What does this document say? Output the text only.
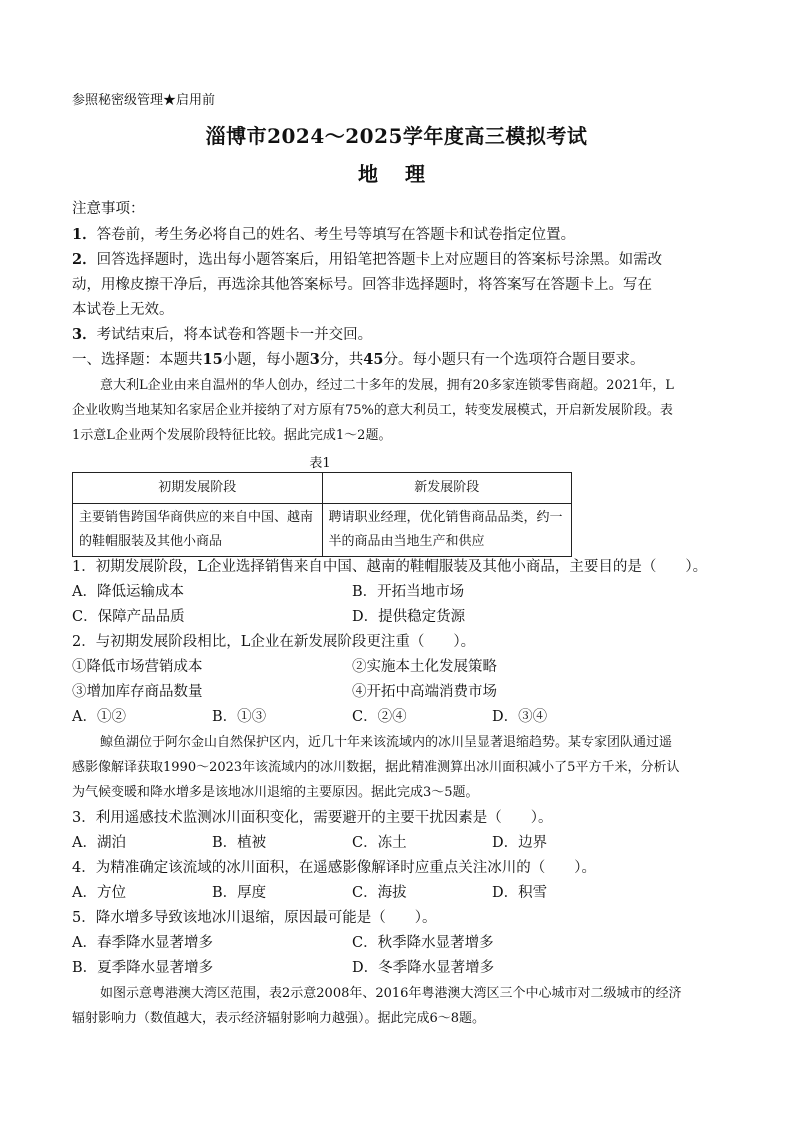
参照秘密级管理★启用前
淄博市2024～2025学年度高三模拟考试
地 理
注意事项：
1．答卷前，考生务必将自己的姓名、考生号等填写在答题卡和试卷指定位置。
2．回答选择题时，选出每小题答案后，用铅笔把答题卡上对应题目的答案标号涂黑。如需改
动，用橡皮擦干净后，再选涂其他答案标号。回答非选择题时，将答案写在答题卡上。写在
本试卷上无效。
3．考试结束后，将本试卷和答题卡一并交回。
一、选择题：本题共15小题，每小题3分，共45分。每小题只有一个选项符合题目要求。
意大利L企业由来自温州的华人创办，经过二十多年的发展，拥有20多家连锁零售商超。2021年，L
企业收购当地某知名家居企业并接纳了对方原有75%的意大利员工，转变发展模式，开启新发展阶段。表
1示意L企业两个发展阶段特征比较。据此完成1～2题。
表1
初期发展阶段	新发展阶段
主要销售跨国华商供应的来自中国、越南的鞋帽服装及其他小商品	聘请职业经理，优化销售商品品类，约一半的商品由当地生产和供应
1．初期发展阶段，L企业选择销售来自中国、越南的鞋帽服装及其他小商品，主要目的是（　　）。
A．降低运输成本	B．开拓当地市场
C．保障产品品质	D．提供稳定货源
2．与初期发展阶段相比，L企业在新发展阶段更注重（　　）。
①降低市场营销成本	②实施本土化发展策略
③增加库存商品数量	④开拓中高端消费市场
A．①②	B．①③	C．②④	D．③④
鲸鱼湖位于阿尔金山自然保护区内，近几十年来该流域内的冰川呈显著退缩趋势。某专家团队通过遥
感影像解译获取1990～2023年该流域内的冰川数据，据此精准测算出冰川面积减小了5平方千米，分析认
为气候变暖和降水增多是该地冰川退缩的主要原因。据此完成3～5题。
3．利用遥感技术监测冰川面积变化，需要避开的主要干扰因素是（　　）。
A．湖泊	B．植被	C．冻土	D．边界
4．为精准确定该流域的冰川面积，在遥感影像解译时应重点关注冰川的（　　）。
A．方位	B．厚度	C．海拔	D．积雪
5．降水增多导致该地冰川退缩，原因最可能是（　　）。
A．春季降水显著增多	C．秋季降水显著增多
B．夏季降水显著增多	D．冬季降水显著增多
如图示意粤港澳大湾区范围，表2示意2008年、2016年粤港澳大湾区三个中心城市对二级城市的经济
辐射影响力（数值越大，表示经济辐射影响力越强）。据此完成6～8题。
